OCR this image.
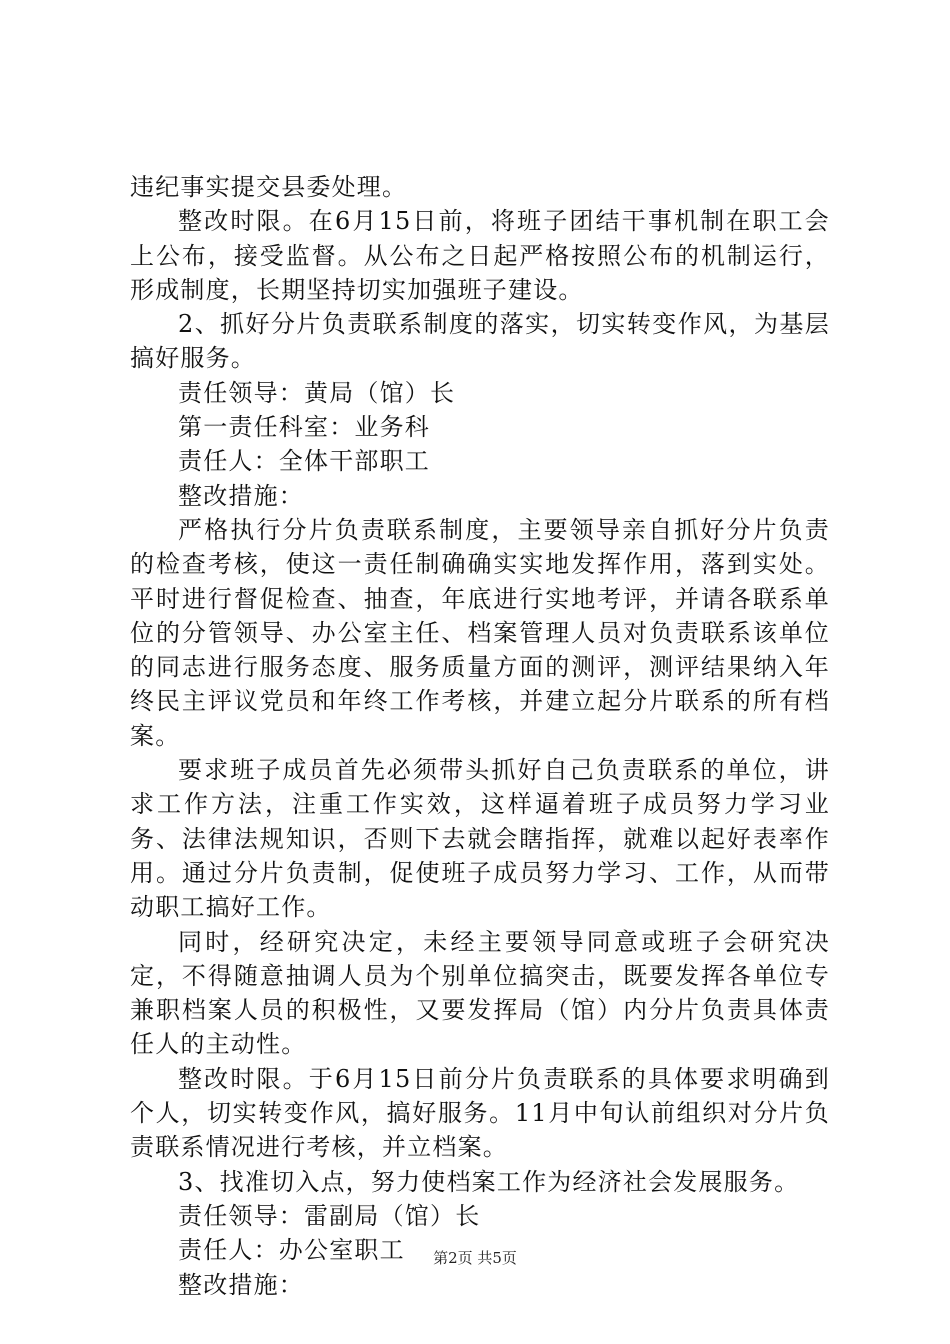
违纪事实提交县委处理。

整改时限。在6月15日前，将班子团结干事机制在职工会上公布，接受监督。从公布之日起严格按照公布的机制运行，形成制度，长期坚持切实加强班子建设。

2、抓好分片负责联系制度的落实，切实转变作风，为基层搞好服务。

责任领导：黄局（馆）长

第一责任科室：业务科

责任人：全体干部职工

整改措施：

严格执行分片负责联系制度，主要领导亲自抓好分片负责的检查考核，使这一责任制确确实实地发挥作用，落到实处。平时进行督促检查、抽查，年底进行实地考评，并请各联系单位的分管领导、办公室主任、档案管理人员对负责联系该单位的同志进行服务态度、服务质量方面的测评，测评结果纳入年终民主评议党员和年终工作考核，并建立起分片联系的所有档案。

要求班子成员首先必须带头抓好自己负责联系的单位，讲求工作方法，注重工作实效，这样逼着班子成员努力学习业务、法律法规知识，否则下去就会瞎指挥，就难以起好表率作用。通过分片负责制，促使班子成员努力学习、工作，从而带动职工搞好工作。

同时，经研究决定，未经主要领导同意或班子会研究决定，不得随意抽调人员为个别单位搞突击，既要发挥各单位专兼职档案人员的积极性，又要发挥局（馆）内分片负责具体责任人的主动性。

整改时限。于6月15日前分片负责联系的具体要求明确到个人，切实转变作风，搞好服务。11月中旬认前组织对分片负责联系情况进行考核，并立档案。

3、找准切入点，努力使档案工作为经济社会发展服务。

责任领导：雷副局（馆）长

责任人：办公室职工

整改措施：

第2页 共5页
